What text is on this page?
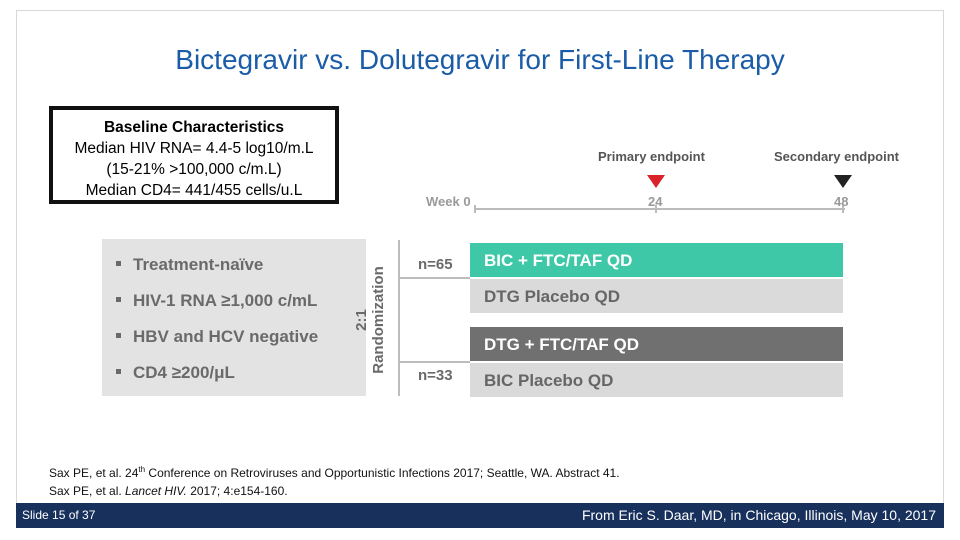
Bictegravir vs. Dolutegravir for First-Line Therapy
Baseline Characteristics
Median HIV RNA= 4.4-5 log10/m.L
(15-21% >100,000 c/m.L)
Median CD4= 441/455 cells/u.L
Primary endpoint	Secondary endpoint
Week 0	24	48
Treatment-naïve
HIV-1 RNA ≥1,000 c/mL
HBV and HCV negative
CD4 ≥200/μL
2:1 Randomization
n=65
n=33
BIC + FTC/TAF QD
DTG Placebo QD
DTG + FTC/TAF QD
BIC Placebo QD
Sax PE, et al. 24th Conference on Retroviruses and Opportunistic Infections 2017; Seattle, WA. Abstract 41.
Sax PE, et al. Lancet HIV. 2017; 4:e154-160.
Slide 15 of 37	From Eric S. Daar, MD, in Chicago, Illinois, May 10, 2017
